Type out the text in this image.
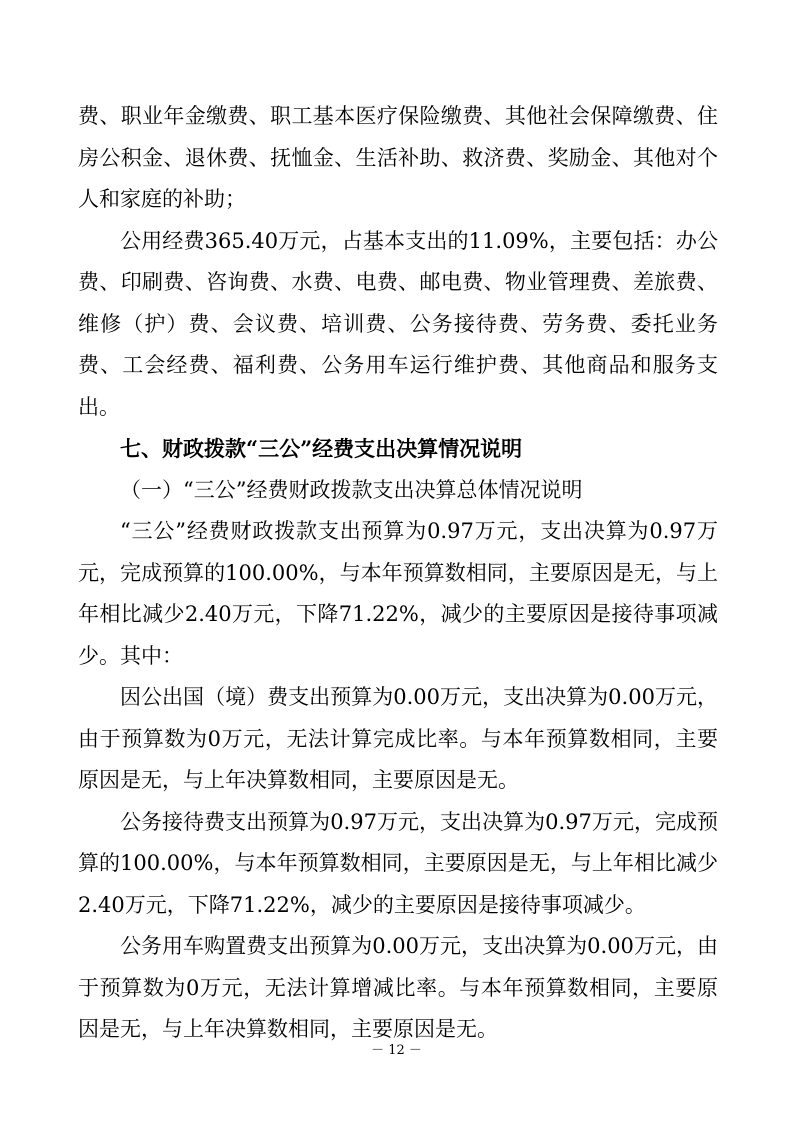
费、职业年金缴费、职工基本医疗保险缴费、其他社会保障缴费、住房公积金、退休费、抚恤金、生活补助、救济费、奖励金、其他对个人和家庭的补助；

公用经费365.40万元，占基本支出的11.09%，主要包括：办公费、印刷费、咨询费、水费、电费、邮电费、物业管理费、差旅费、维修（护）费、会议费、培训费、公务接待费、劳务费、委托业务费、工会经费、福利费、公务用车运行维护费、其他商品和服务支出。

七、财政拨款“三公”经费支出决算情况说明

（一）“三公”经费财政拨款支出决算总体情况说明

“三公”经费财政拨款支出预算为0.97万元，支出决算为0.97万元，完成预算的100.00%，与本年预算数相同，主要原因是无，与上年相比减少2.40万元，下降71.22%，减少的主要原因是接待事项减少。其中：

因公出国（境）费支出预算为0.00万元，支出决算为0.00万元，由于预算数为0万元，无法计算完成比率。与本年预算数相同，主要原因是无，与上年决算数相同，主要原因是无。

公务接待费支出预算为0.97万元，支出决算为0.97万元，完成预算的100.00%，与本年预算数相同，主要原因是无，与上年相比减少2.40万元，下降71.22%，减少的主要原因是接待事项减少。

公务用车购置费支出预算为0.00万元，支出决算为0.00万元，由于预算数为0万元，无法计算增减比率。与本年预算数相同，主要原因是无，与上年决算数相同，主要原因是无。

－ 12 －
